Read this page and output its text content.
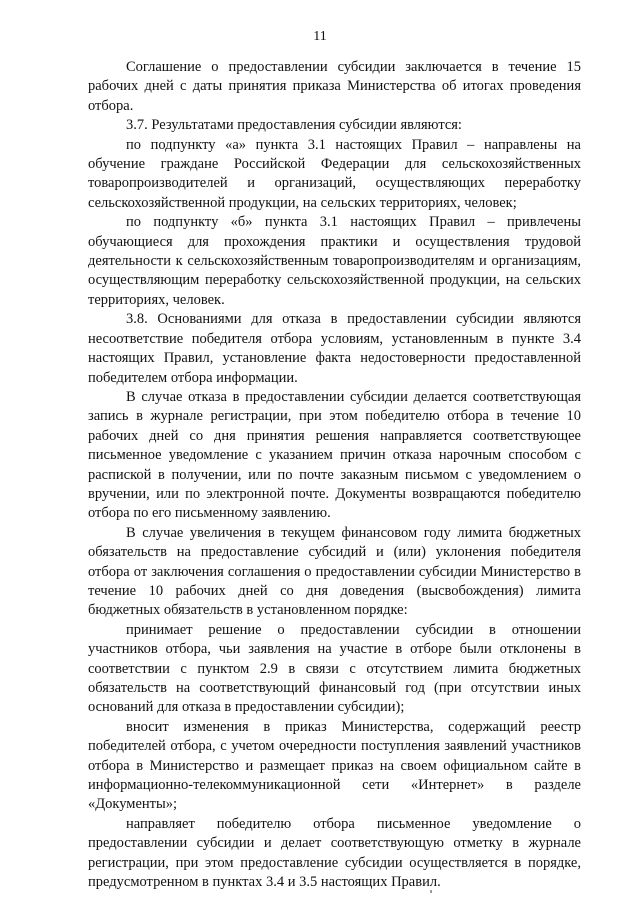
11

Соглашение о предоставлении субсидии заключается в течение 15 рабочих дней с даты принятия приказа Министерства об итогах проведения отбора.

3.7. Результатами предоставления субсидии являются:

по подпункту «а» пункта 3.1 настоящих Правил – направлены на обучение граждане Российской Федерации для сельскохозяйственных товаропроизводителей и организаций, осуществляющих переработку сельскохозяйственной продукции, на сельских территориях, человек;

по подпункту «б» пункта 3.1 настоящих Правил – привлечены обучающиеся для прохождения практики и осуществления трудовой деятельности к сельскохозяйственным товаропроизводителям и организациям, осуществляющим переработку сельскохозяйственной продукции, на сельских территориях, человек.

3.8. Основаниями для отказа в предоставлении субсидии являются несоответствие победителя отбора условиям, установленным в пункте 3.4 настоящих Правил, установление факта недостоверности предоставленной победителем отбора информации.

В случае отказа в предоставлении субсидии делается соответствующая запись в журнале регистрации, при этом победителю отбора в течение 10 рабочих дней со дня принятия решения направляется соответствующее письменное уведомление с указанием причин отказа нарочным способом с распиской в получении, или по почте заказным письмом с уведомлением о вручении, или по электронной почте. Документы возвращаются победителю отбора по его письменному заявлению.

В случае увеличения в текущем финансовом году лимита бюджетных обязательств на предоставление субсидий и (или) уклонения победителя отбора от заключения соглашения о предоставлении субсидии Министерство в течение 10 рабочих дней со дня доведения (высвобождения) лимита бюджетных обязательств в установленном порядке:

принимает решение о предоставлении субсидии в отношении участников отбора, чьи заявления на участие в отборе были отклонены в соответствии с пунктом 2.9 в связи с отсутствием лимита бюджетных обязательств на соответствующий финансовый год (при отсутствии иных оснований для отказа в предоставлении субсидии);

вносит изменения в приказ Министерства, содержащий реестр победителей отбора, с учетом очередности поступления заявлений участников отбора в Министерство и размещает приказ на своем официальном сайте в информационно-телекоммуникационной сети «Интернет» в разделе «Документы»;

направляет победителю отбора письменное уведомление о предоставлении субсидии и делает соответствующую отметку в журнале регистрации, при этом предоставление субсидии осуществляется в порядке, предусмотренном в пунктах 3.4 и 3.5 настоящих Правил.
